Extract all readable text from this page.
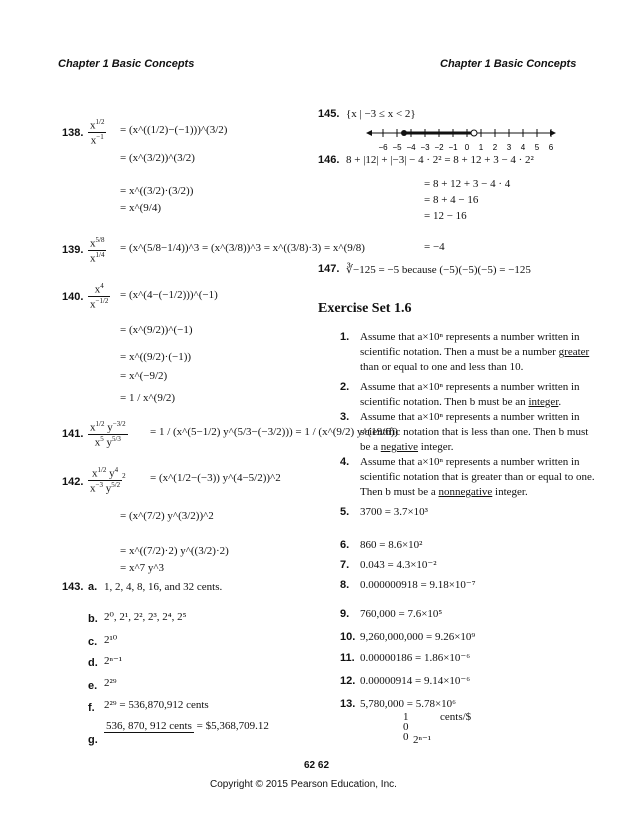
Chapter 1 Basic Concepts	Chapter 1 Basic Concepts
138. $\frac{x^{1/2}}{x^{-1}}$ = (x^((1/2)−(−1)))^(3/2)
= (x^(3/2))^(3/2)
= x^((3/2)·(3/2))
= x^(9/4)
139. $\frac{x^{5/8}}{x^{1/4}}$ = (x^(5/8−1/4))^3 = (x^(3/8))^3 = x^((3/8)·3) = x^(9/8)
140. $\frac{x^4}{x^{-1/2}}$ = (x^(4−(−1/2)))^(−1)
= (x^(9/2))^(−1)
= x^((9/2)·(−1))
= x^(−9/2)
= 1 / x^(9/2)
141. $\frac{x^{1/2} y^{-3/2}}{x^5 y^{5/3}} = 1$ / (x^(5−1/2) y^(5/3−(−3/2))) = 1 / (x^(9/2) y^(19/6))
142. $\frac{x^{1/2} y^4}{x^{-3} y^{5/2}} ^2$ = (x^(1/2−(−3)) y^(4−5/2))^2
= (x^(7/2) y^(3/2))^2
= x^((7/2)·2) y^((3/2)·2)
= x^7 y^3
143. a. 1, 2, 4, 8, 16, and 32 cents.
b. 2⁰, 2¹, 2², 2³, 2⁴, 2⁵
c. 2¹⁰
d. 2ⁿ⁻¹
e. 2²⁹
f. 2²⁹ = 536,870,912 cents
g.
536, 870, 912 cents
= $5,368,709.12
145. {x | −3 ≤ x < 2}
−6 −5 −4 −3 −2 −1 0 1 2 3 4 5 6
146. 8 + |12| + |−3| − 4 · 2² = 8 + 12 + 3 − 4 · 2²
= 8 + 12 + 3 − 4 · 4
= 8 + 4 − 16
= 12 − 16
= −4
147. ∛−125 = −5 because (−5)(−5)(−5) = −125
Exercise Set 1.6
1. Assume that a×10ⁿ represents a number written in scientific notation. Then a must be a number greater than or equal to one and less than 10.
2. Assume that a×10ⁿ represents a number written in scientific notation. Then b must be an integer.
3. Assume that a×10ⁿ represents a number written in scientific notation that is less than one. Then b must be a negative integer.
4. Assume that a×10ⁿ represents a number written in scientific notation that is greater than or equal to one. Then b must be a nonnegative integer.
5. 3700 = 3.7×10³
6. 860 = 8.6×10²
7. 0.043 = 4.3×10⁻²
8. 0.000000918 = 9.18×10⁻⁷
9. 760,000 = 7.6×10⁵
10. 9,260,000,000 = 9.26×10⁹
11. 0.00000186 = 1.86×10⁻⁶
12. 0.00000914 = 9.14×10⁻⁶
13. 5,780,000 = 5.78×10⁶
1	cents/$
0
0 2ⁿ⁻¹
62 62
Copyright © 2015 Pearson Education, Inc.
